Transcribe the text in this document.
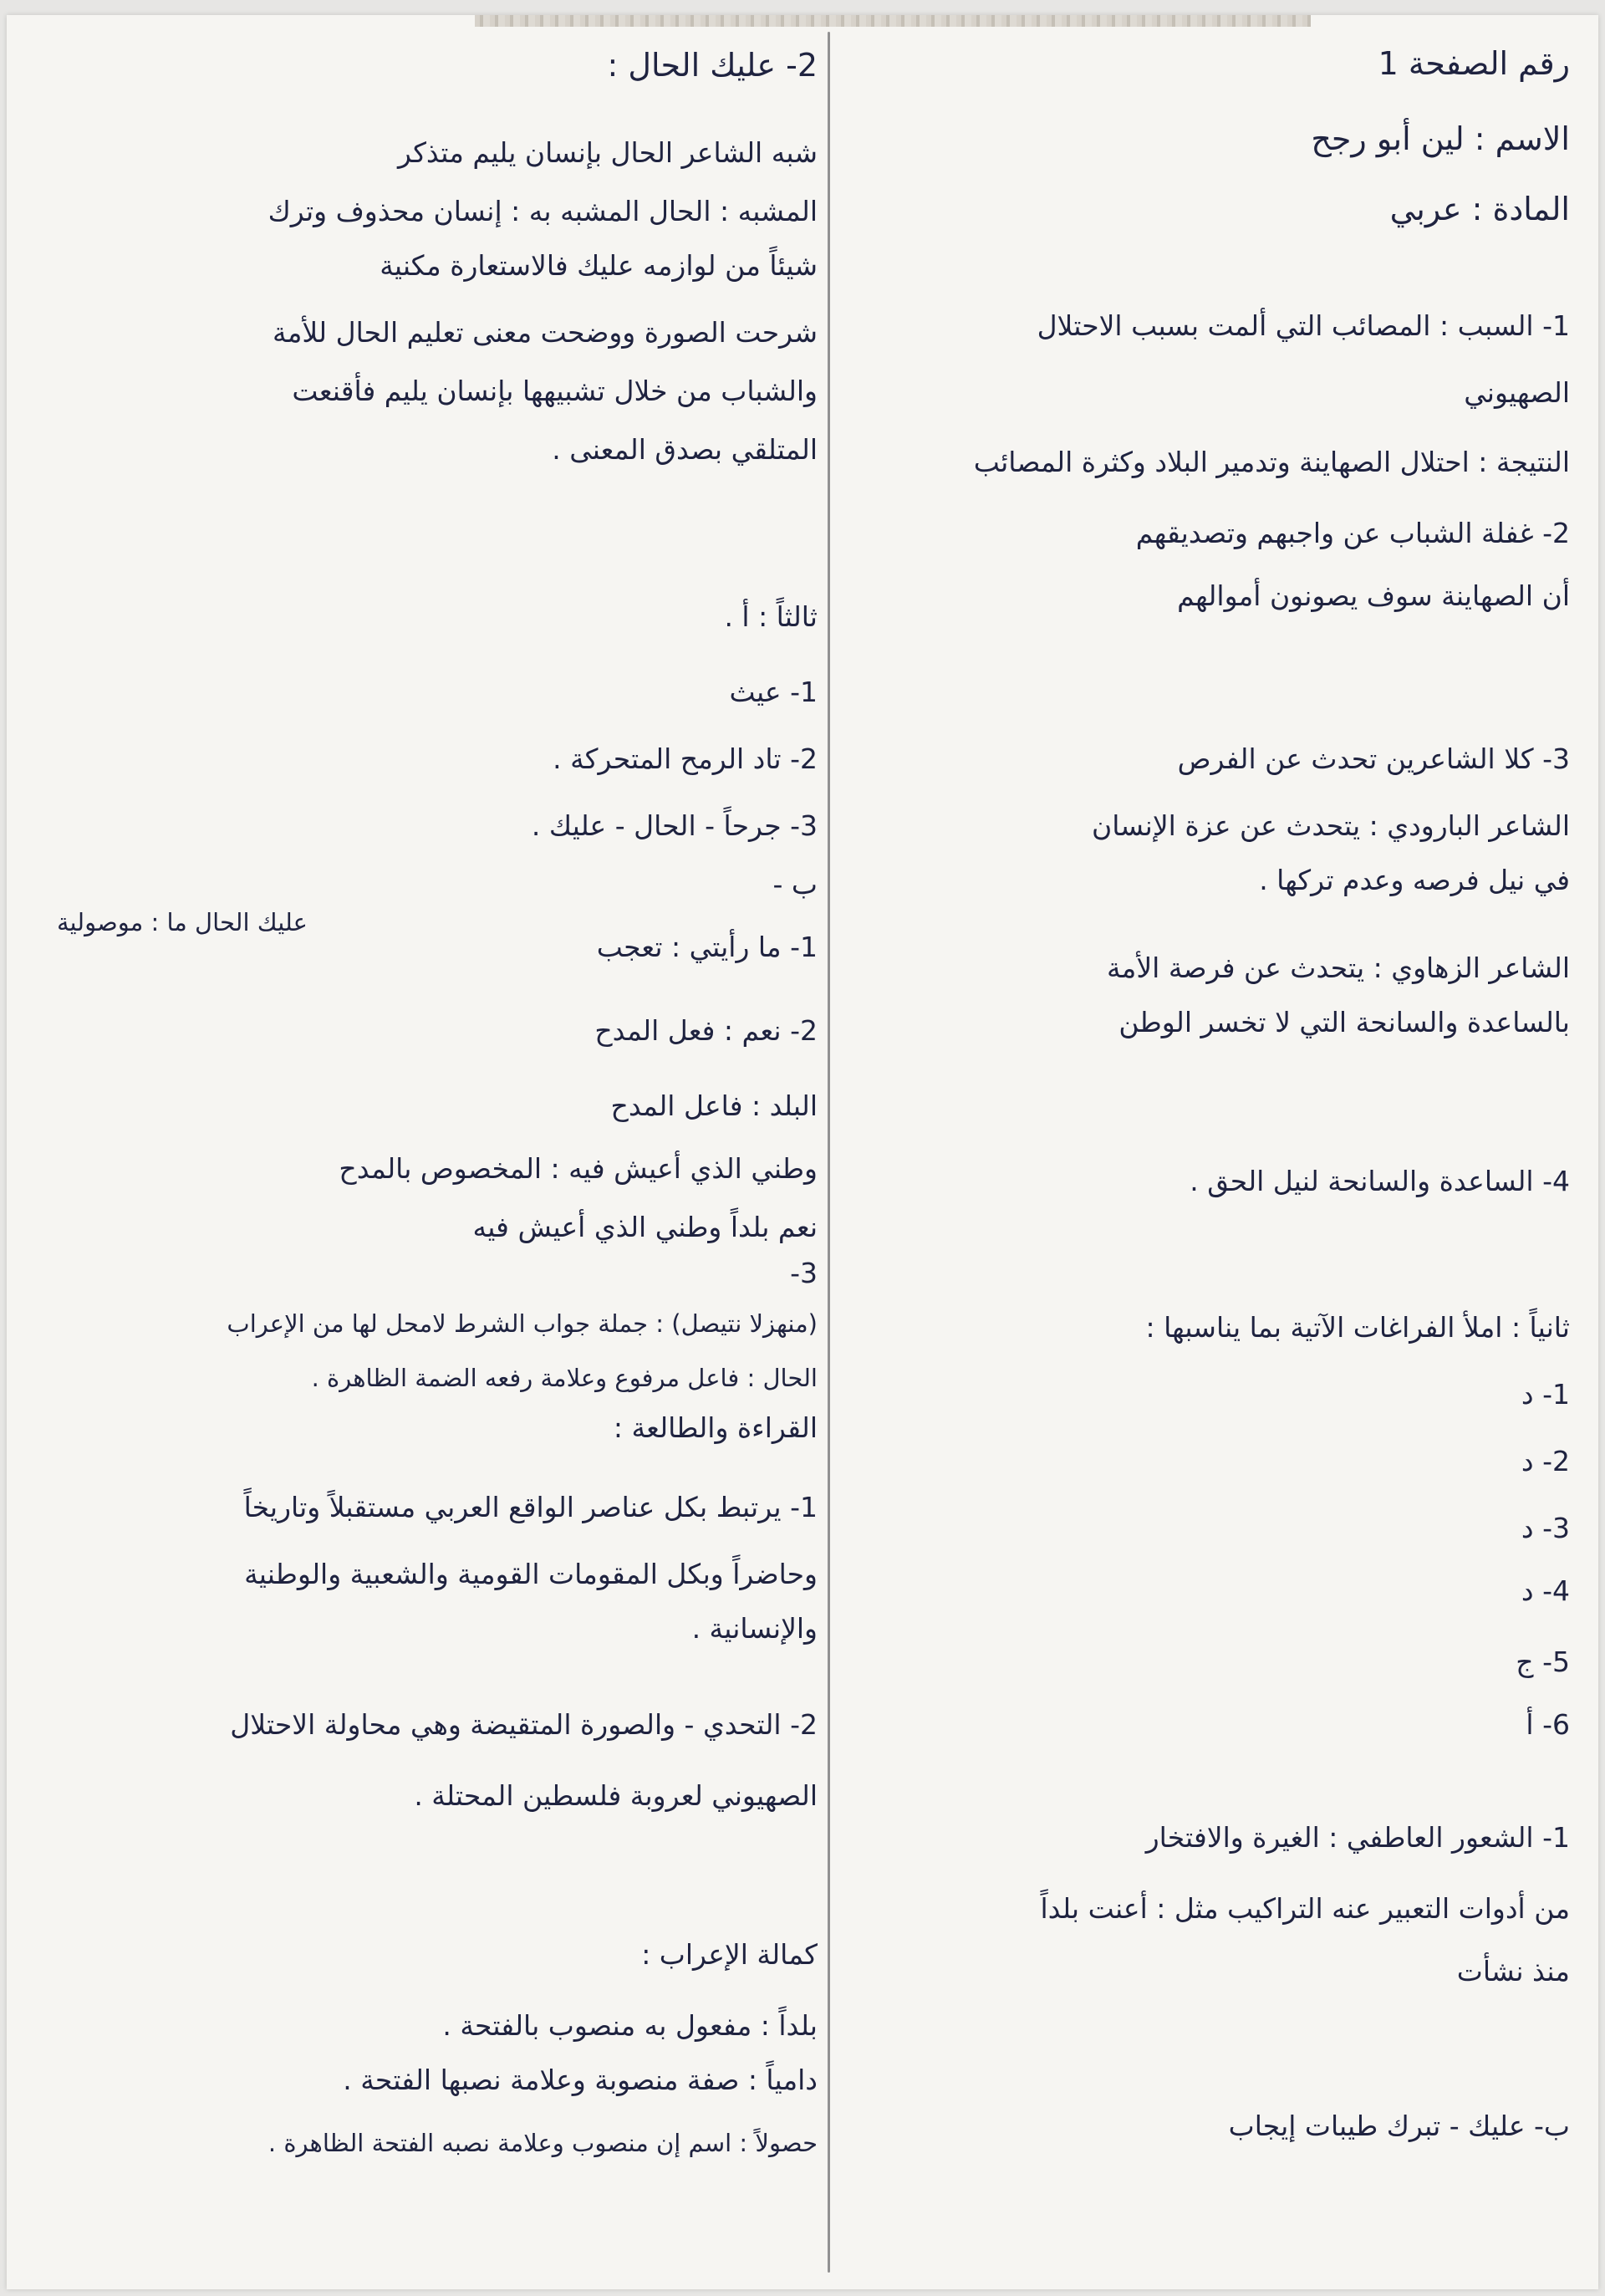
رقم الصفحة 1
الاسم : لين أبو رجح
المادة : عربي
1- السبب : المصائب التي ألمت بسبب الاحتلال
الصهيوني
النتيجة : احتلال الصهاينة وتدمير البلاد وكثرة المصائب
2- غفلة الشباب عن واجبهم وتصديقهم
أن الصهاينة سوف يصونون أموالهم
3- كلا الشاعرين تحدث عن الفرص
الشاعر البارودي : يتحدث عن عزة الإنسان
في نيل فرصه وعدم تركها .
الشاعر الزهاوي : يتحدث عن فرصة الأمة
بالساعدة والسانحة التي لا تخسر الوطن
4- الساعدة والسانحة لنيل الحق .
ثانياً : املأ الفراغات الآتية بما يناسبها :
1- د
2- د
3- د
4- د
5- ج
6- أ
1- الشعور العاطفي : الغيرة والافتخار
من أدوات التعبير عنه التراكيب مثل : أعنت بلداً
منذ نشأت
ب- عليك - تبرك طيبات إيجاب
2- عليك الحال :
شبه الشاعر الحال بإنسان يليم متذكر
المشبه : الحال المشبه به : إنسان محذوف وترك
شيئاً من لوازمه عليك فالاستعارة مكنية
شرحت الصورة ووضحت معنى تعليم الحال للأمة
والشباب من خلال تشبيهها بإنسان يليم فأقنعت
المتلقي بصدق المعنى .
ثالثاً : أ .
1- عيث
2- تاد الرمح المتحركة .
3- جرحاً - الحال - عليك .
ب -
1- ما رأيتي : تعجب
2- نعم : فعل المدح
البلد : فاعل المدح
وطني الذي أعيش فيه : المخصوص بالمدح
نعم بلداً وطني الذي أعيش فيه
3-
(منهزلا نتيصل) : جملة جواب الشرط لامحل لها من الإعراب
الحال : فاعل مرفوع وعلامة رفعه الضمة الظاهرة .
القراءة والطالعة :
1- يرتبط بكل عناصر الواقع العربي مستقبلاً وتاريخاً
وحاضراً وبكل المقومات القومية والشعبية والوطنية
والإنسانية .
2- التحدي - والصورة المتقيضة وهي محاولة الاحتلال
الصهيوني لعروبة فلسطين المحتلة .
كمالة الإعراب :
بلداً : مفعول به منصوب بالفتحة .
دامياً : صفة منصوبة وعلامة نصبها الفتحة .
حصولاً : اسم إن منصوب وعلامة نصبه الفتحة الظاهرة .
عليك الحال ما : موصولية
